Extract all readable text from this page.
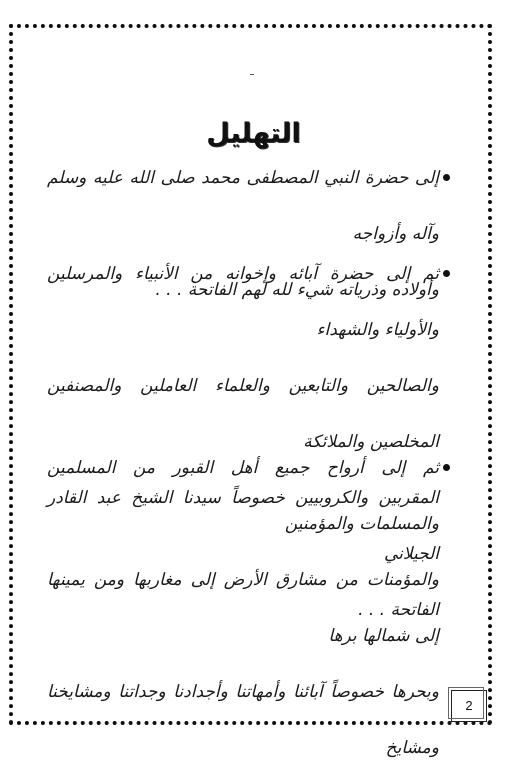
التهليل
إلى حضرة النبي المصطفى محمد صلى الله عليه وسلم وآله وأزواجه
وأولاده وذرياته شيء لله لهم الفاتحة . . .
ثم إلى حضرة آبائه وإخوانه من الأنبياء والمرسلين والأولياء والشهداء
والصالحين والتابعين والعلماء العاملين والمصنفين المخلصين والملائكة
المقربين والكروبيين خصوصاً سيدنا الشيخ عبد القادر الجيلاني
الفاتحة . . .
ثم إلى أرواح جميع أهل القبور من المسلمين والمسلمات والمؤمنين
والمؤمنات من مشارق الأرض إلى مغاربها ومن يمينها إلى شمالها برها
وبحرها خصوصاً آبائنا وأمهاتنا وأجدادنا وجداتنا ومشايخنا ومشايخ
2
